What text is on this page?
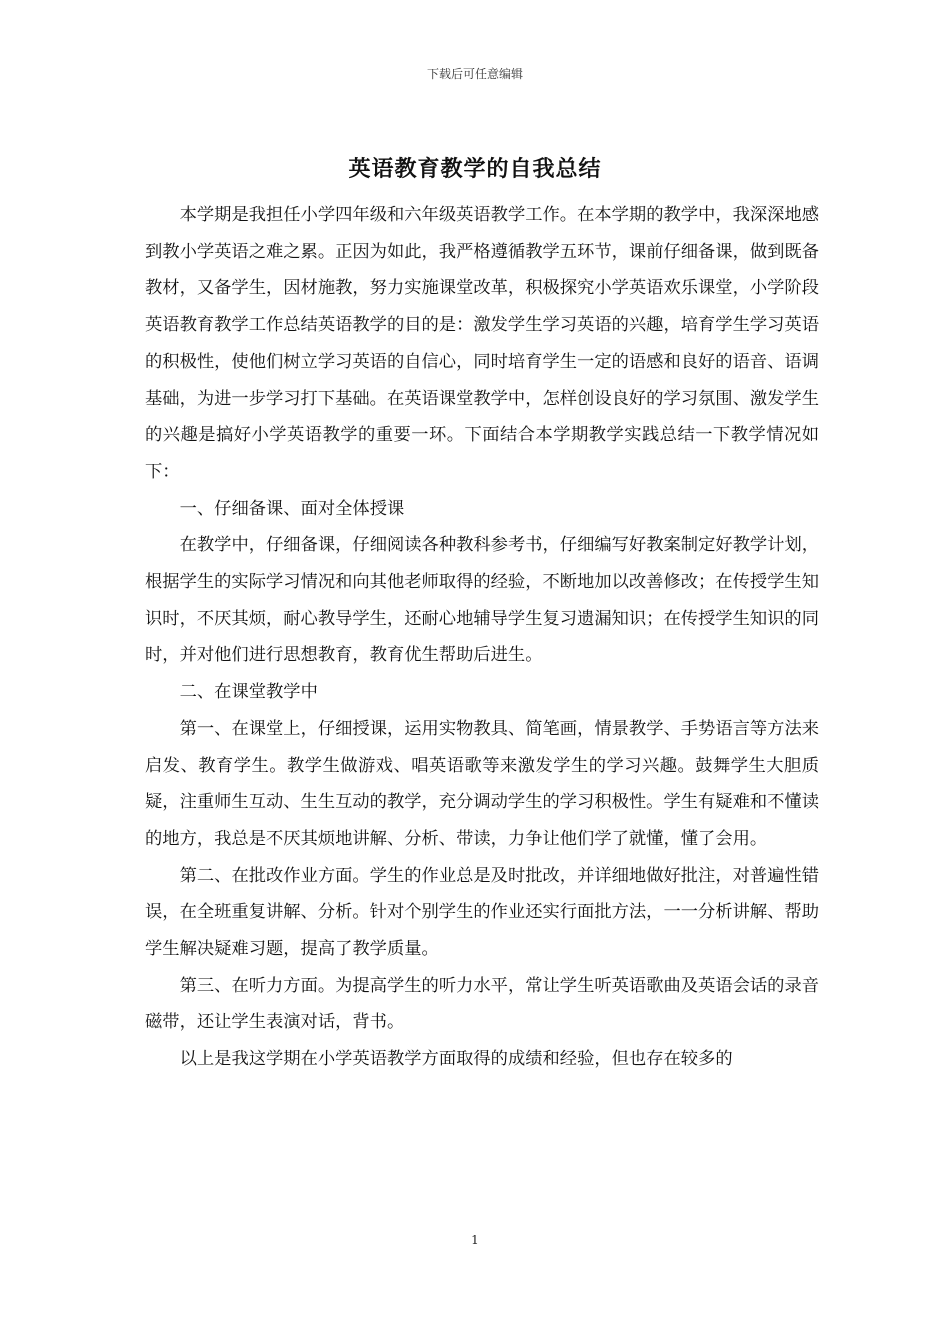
下载后可任意编辑
英语教育教学的自我总结

本学期是我担任小学四年级和六年级英语教学工作。在本学期的教学中，我深深地感到教小学英语之难之累。正因为如此，我严格遵循教学五环节，课前仔细备课，做到既备教材，又备学生，因材施教，努力实施课堂改革，积极探究小学英语欢乐课堂，小学阶段英语教育教学工作总结英语教学的目的是：激发学生学习英语的兴趣，培育学生学习英语的积极性，使他们树立学习英语的自信心，同时培育学生一定的语感和良好的语音、语调基础，为进一步学习打下基础。在英语课堂教学中，怎样创设良好的学习氛围、激发学生的兴趣是搞好小学英语教学的重要一环。下面结合本学期教学实践总结一下教学情况如下：

一、仔细备课、面对全体授课

在教学中，仔细备课，仔细阅读各种教科参考书，仔细编写好教案制定好教学计划，根据学生的实际学习情况和向其他老师取得的经验，不断地加以改善修改；在传授学生知识时，不厌其烦，耐心教导学生，还耐心地辅导学生复习遗漏知识；在传授学生知识的同时，并对他们进行思想教育，教育优生帮助后进生。

二、在课堂教学中

第一、在课堂上，仔细授课，运用实物教具、简笔画，情景教学、手势语言等方法来启发、教育学生。教学生做游戏、唱英语歌等来激发学生的学习兴趣。鼓舞学生大胆质疑，注重师生互动、生生互动的教学，充分调动学生的学习积极性。学生有疑难和不懂读的地方，我总是不厌其烦地讲解、分析、带读，力争让他们学了就懂，懂了会用。

第二、在批改作业方面。学生的作业总是及时批改，并详细地做好批注，对普遍性错误，在全班重复讲解、分析。针对个别学生的作业还实行面批方法，一一分析讲解、帮助学生解决疑难习题，提高了教学质量。

第三、在听力方面。为提高学生的听力水平，常让学生听英语歌曲及英语会话的录音磁带，还让学生表演对话，背书。

以上是我这学期在小学英语教学方面取得的成绩和经验，但也存在较多的

1
